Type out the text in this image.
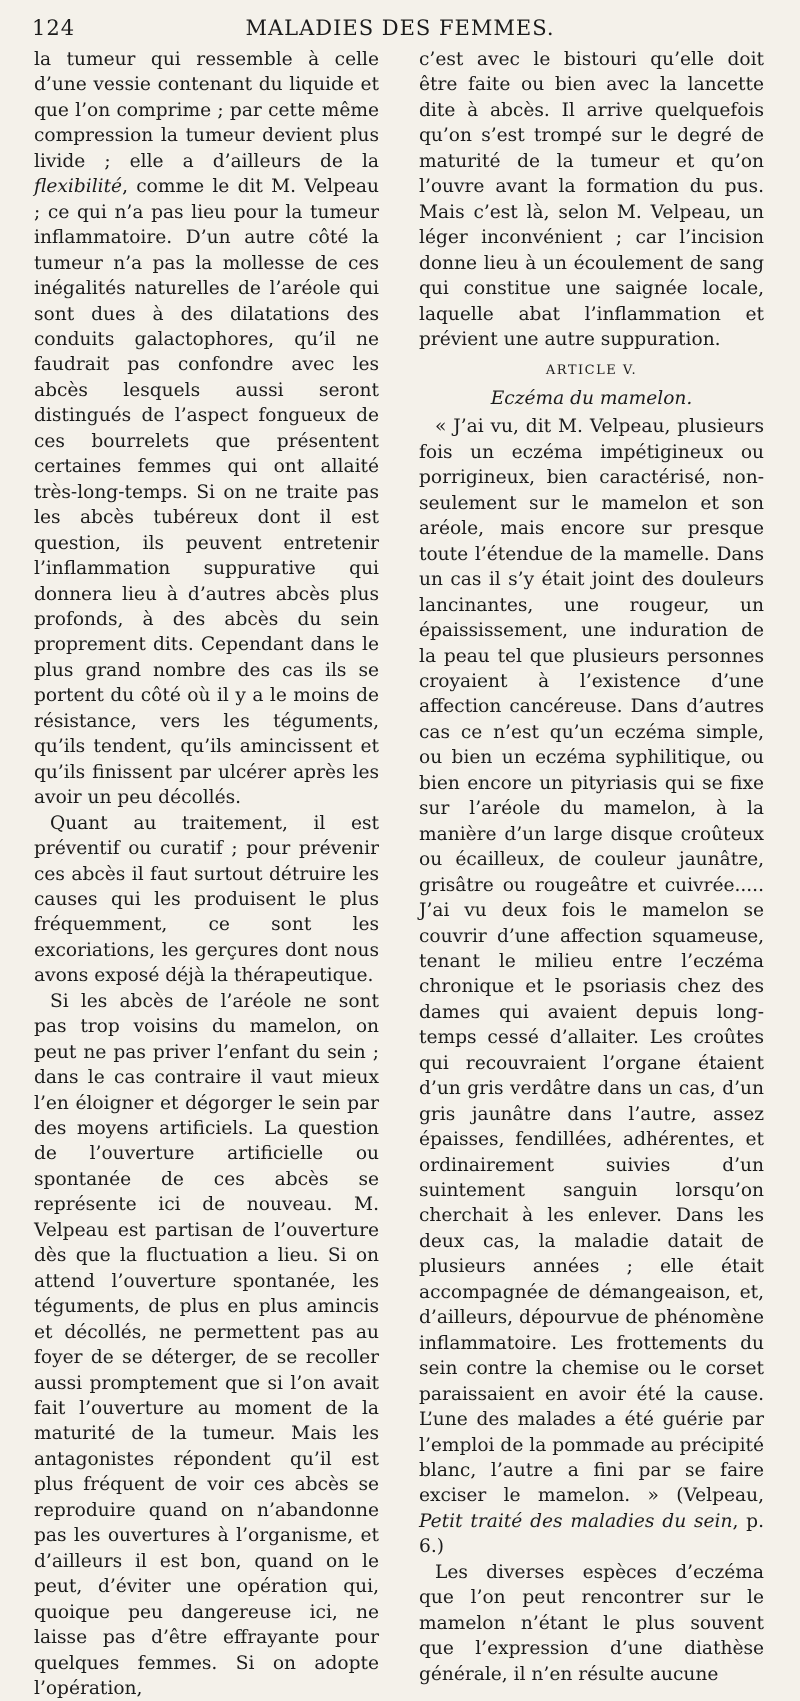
124	MALADIES DES FEMMES.

la tumeur qui ressemble à celle d’une vessie contenant du liquide et que l’on comprime ; par cette même compression la tumeur devient plus livide ; elle a d’ailleurs de la flexibilité, comme le dit M. Velpeau ; ce qui n’a pas lieu pour la tumeur inflammatoire. D’un autre côté la tumeur n’a pas la mollesse de ces inégalités naturelles de l’aréole qui sont dues à des dilatations des conduits galactophores, qu’il ne faudrait pas confondre avec les abcès lesquels aussi seront distingués de l’aspect fongueux de ces bourrelets que présentent certaines femmes qui ont allaité très-long-temps. Si on ne traite pas les abcès tubéreux dont il est question, ils peuvent entretenir l’inflammation suppurative qui donnera lieu à d’autres abcès plus profonds, à des abcès du sein proprement dits. Cependant dans le plus grand nombre des cas ils se portent du côté où il y a le moins de résistance, vers les téguments, qu’ils tendent, qu’ils amincissent et qu’ils finissent par ulcérer après les avoir un peu décollés.

Quant au traitement, il est préventif ou curatif ; pour prévenir ces abcès il faut surtout détruire les causes qui les produisent le plus fréquemment, ce sont les excoriations, les gerçures dont nous avons exposé déjà la thérapeutique.

Si les abcès de l’aréole ne sont pas trop voisins du mamelon, on peut ne pas priver l’enfant du sein ; dans le cas contraire il vaut mieux l’en éloigner et dégorger le sein par des moyens artificiels. La question de l’ouverture artificielle ou spontanée de ces abcès se représente ici de nouveau. M. Velpeau est partisan de l’ouverture dès que la fluctuation a lieu. Si on attend l’ouverture spontanée, les téguments, de plus en plus amincis et décollés, ne permettent pas au foyer de se déterger, de se recoller aussi promptement que si l’on avait fait l’ouverture au moment de la maturité de la tumeur. Mais les antagonistes répondent qu’il est plus fréquent de voir ces abcès se reproduire quand on n’abandonne pas les ouvertures à l’organisme, et d’ailleurs il est bon, quand on le peut, d’éviter une opération qui, quoique peu dangereuse ici, ne laisse pas d’être effrayante pour quelques femmes. Si on adopte l’opération,

c’est avec le bistouri qu’elle doit être faite ou bien avec la lancette dite à abcès. Il arrive quelquefois qu’on s’est trompé sur le degré de maturité de la tumeur et qu’on l’ouvre avant la formation du pus. Mais c’est là, selon M. Velpeau, un léger inconvénient ; car l’incision donne lieu à un écoulement de sang qui constitue une saignée locale, laquelle abat l’inflammation et prévient une autre suppuration.

ARTICLE V.
Eczéma du mamelon.

« J’ai vu, dit M. Velpeau, plusieurs fois un eczéma impétigineux ou porrigineux, bien caractérisé, non-seulement sur le mamelon et son aréole, mais encore sur presque toute l’étendue de la mamelle. Dans un cas il s’y était joint des douleurs lancinantes, une rougeur, un épaississement, une induration de la peau tel que plusieurs personnes croyaient à l’existence d’une affection cancéreuse. Dans d’autres cas ce n’est qu’un eczéma simple, ou bien un eczéma syphilitique, ou bien encore un pityriasis qui se fixe sur l’aréole du mamelon, à la manière d’un large disque croûteux ou écailleux, de couleur jaunâtre, grisâtre ou rougeâtre et cuivrée..... J’ai vu deux fois le mamelon se couvrir d’une affection squameuse, tenant le milieu entre l’eczéma chronique et le psoriasis chez des dames qui avaient depuis long-temps cessé d’allaiter. Les croûtes qui recouvraient l’organe étaient d’un gris verdâtre dans un cas, d’un gris jaunâtre dans l’autre, assez épaisses, fendillées, adhérentes, et ordinairement suivies d’un suintement sanguin lorsqu’on cherchait à les enlever. Dans les deux cas, la maladie datait de plusieurs années ; elle était accompagnée de démangeaison, et, d’ailleurs, dépourvue de phénomène inflammatoire. Les frottements du sein contre la chemise ou le corset paraissaient en avoir été la cause. L’une des malades a été guérie par l’emploi de la pommade au précipité blanc, l’autre a fini par se faire exciser le mamelon. » (Velpeau, Petit traité des maladies du sein, p. 6.)

Les diverses espèces d’eczéma que l’on peut rencontrer sur le mamelon n’étant le plus souvent que l’expression d’une diathèse générale, il n’en résulte aucune
